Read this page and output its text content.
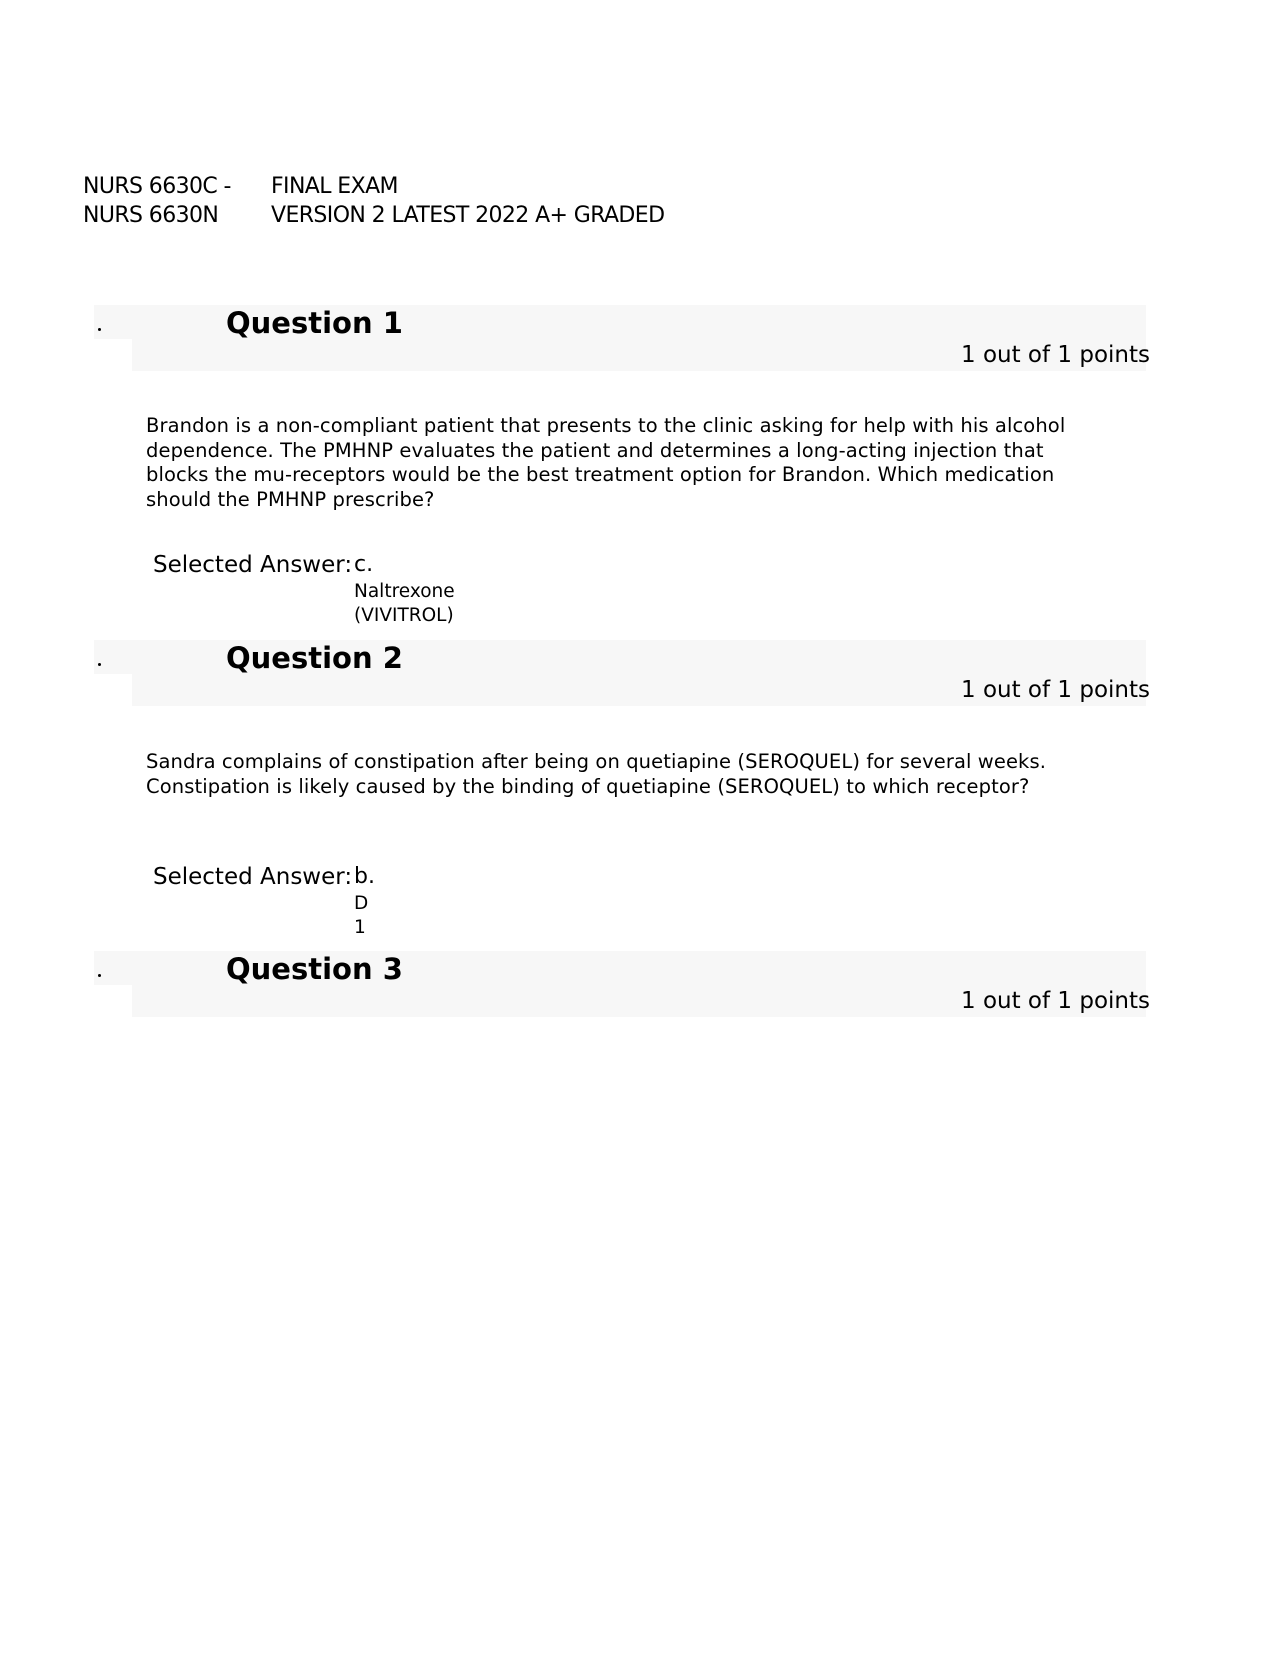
NURS 6630C -	FINAL EXAM
NURS 6630N	VERSION 2 LATEST 2022 A+ GRADED
Question 1
1 out of 1 points
Brandon is a non-compliant patient that presents to the clinic asking for help with his alcohol dependence. The PMHNP evaluates the patient and determines a long-acting injection that blocks the mu-receptors would be the best treatment option for Brandon. Which medication should the PMHNP prescribe?
Selected Answer: c.
Naltrexone
(VIVITROL)
Question 2
1 out of 1 points
Sandra complains of constipation after being on quetiapine (SEROQUEL) for several weeks. Constipation is likely caused by the binding of quetiapine (SEROQUEL) to which receptor?
Selected Answer: b.
D
1
Question 3
1 out of 1 points
